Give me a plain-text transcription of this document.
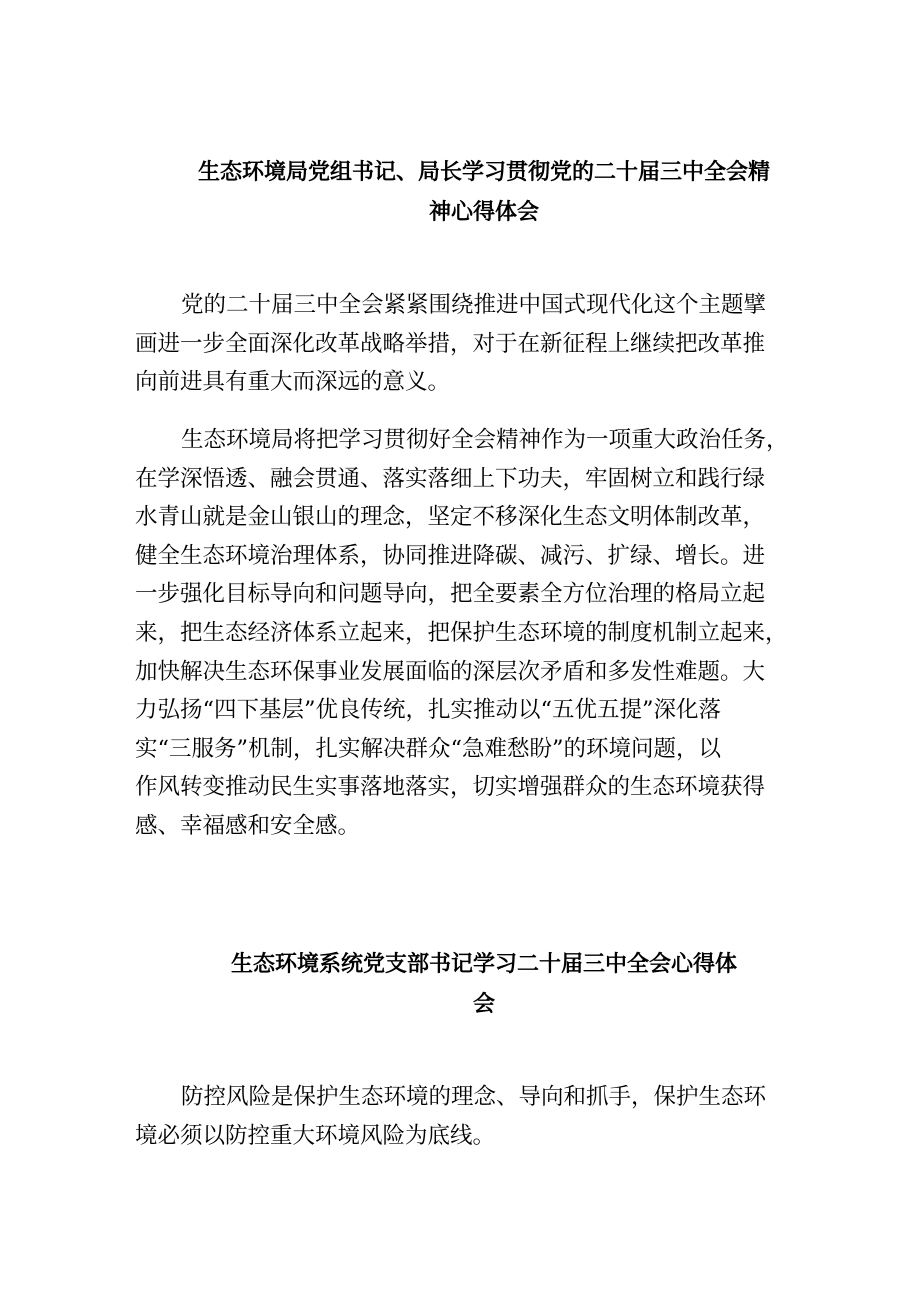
生态环境局党组书记、局长学习贯彻党的二十届三中全会精
神心得体会

党的二十届三中全会紧紧围绕推进中国式现代化这个主题擘
画进一步全面深化改革战略举措，对于在新征程上继续把改革推
向前进具有重大而深远的意义。

生态环境局将把学习贯彻好全会精神作为一项重大政治任务，
在学深悟透、融会贯通、落实落细上下功夫，牢固树立和践行绿
水青山就是金山银山的理念，坚定不移深化生态文明体制改革，
健全生态环境治理体系，协同推进降碳、减污、扩绿、增长。进
一步强化目标导向和问题导向，把全要素全方位治理的格局立起
来，把生态经济体系立起来，把保护生态环境的制度机制立起来，
加快解决生态环保事业发展面临的深层次矛盾和多发性难题。大
力弘扬“四下基层”优良传统，扎实推动以“五优五提”深化落
实“三服务”机制，扎实解决群众“急难愁盼”的环境问题，以
作风转变推动民生实事落地落实，切实增强群众的生态环境获得
感、幸福感和安全感。

生态环境系统党支部书记学习二十届三中全会心得体
会

防控风险是保护生态环境的理念、导向和抓手，保护生态环
境必须以防控重大环境风险为底线。
